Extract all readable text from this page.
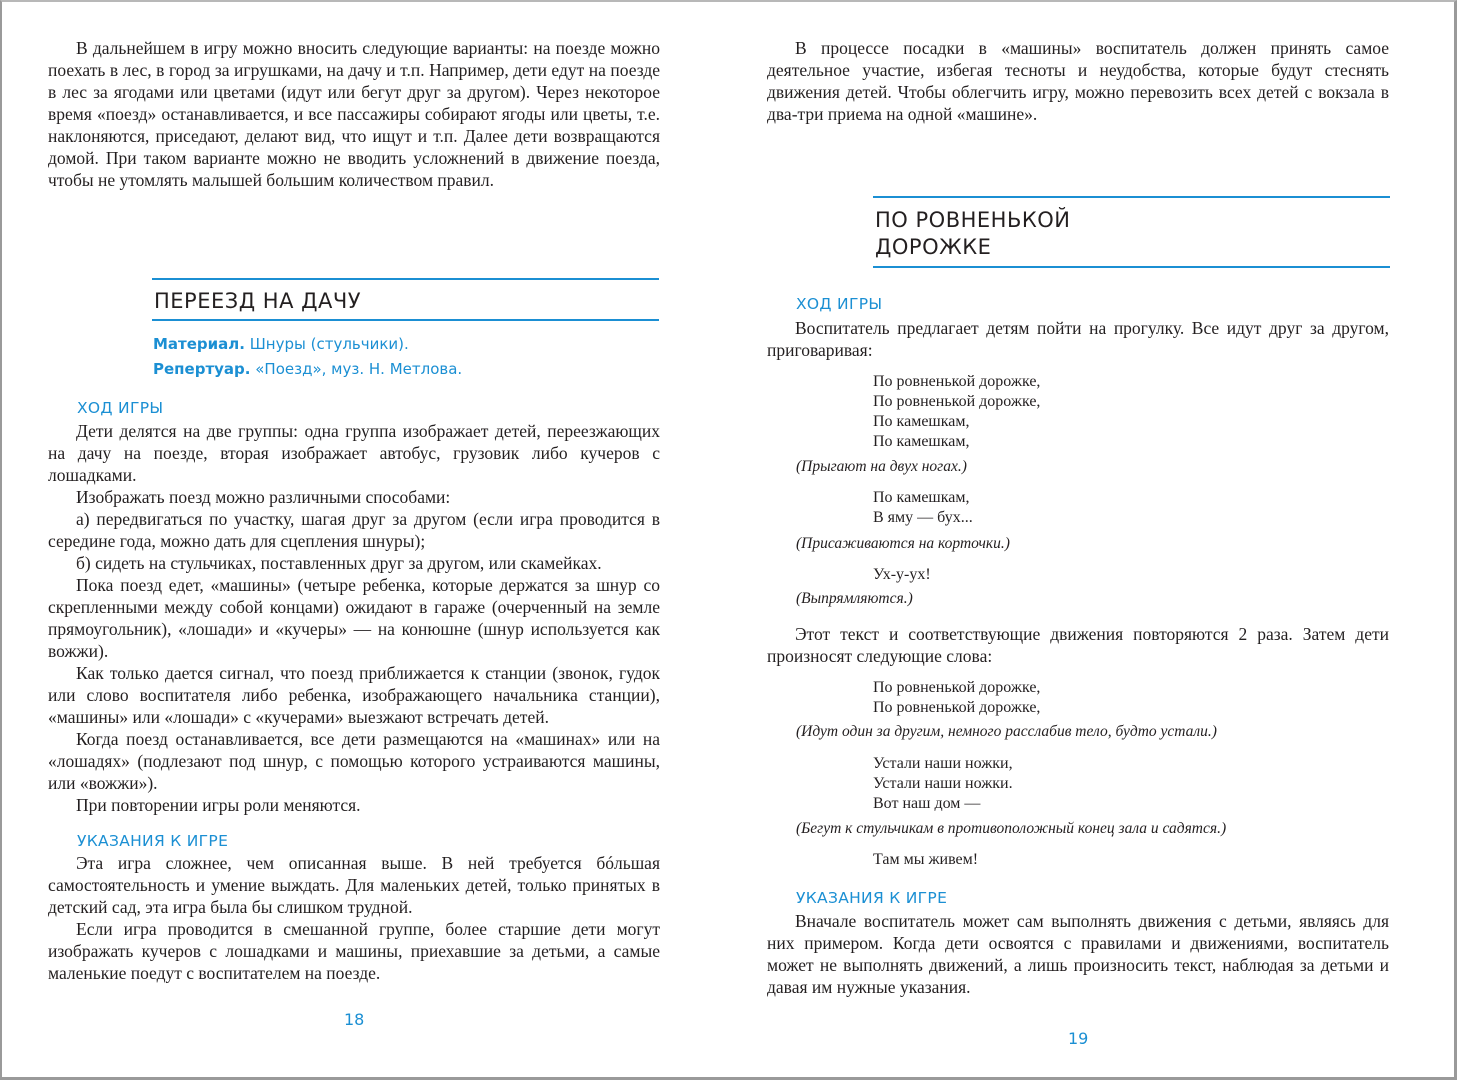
В дальнейшем в игру можно вносить следующие варианты: на поезде можно поехать в лес, в город за игрушками, на дачу и т.п. Например, дети едут на поезде в лес за ягодами или цветами (идут или бегут друг за другом). Через некоторое время «поезд» останавливается, и все пассажиры собирают ягоды или цветы, т.е. наклоняются, приседают, делают вид, что ищут и т.п. Далее дети возвращаются домой. При таком варианте можно не вводить усложнений в движение поезда, чтобы не утомлять малышей большим количеством правил.

ПЕРЕЕЗД НА ДАЧУ
Материал. Шнуры (стульчики).
Репертуар. «Поезд», муз. Н. Метлова.
ХОД ИГРЫ

Дети делятся на две группы: одна группа изображает детей, переезжающих на дачу на поезде, вторая изображает автобус, грузовик либо кучеров с лошадками.

Изображать поезд можно различными способами:

а) передвигаться по участку, шагая друг за другом (если игра проводится в середине года, можно дать для сцепления шнуры);

б) сидеть на стульчиках, поставленных друг за другом, или скамейках.

Пока поезд едет, «машины» (четыре ребенка, которые держатся за шнур со скрепленными между собой концами) ожидают в гараже (очерченный на земле прямоугольник), «лошади» и «кучеры» — на конюшне (шнур используется как вожжи).

Как только дается сигнал, что поезд приближается к станции (звонок, гудок или слово воспитателя либо ребенка, изображающего начальника станции), «машины» или «лошади» с «кучерами» выезжают встречать детей.

Когда поезд останавливается, все дети размещаются на «машинах» или на «лошадях» (подлезают под шнур, с помощью которого устраиваются машины, или «вожжи»).

При повторении игры роли меняются.

УКАЗАНИЯ К ИГРЕ

Эта игра сложнее, чем описанная выше. В ней требуется бóльшая самостоятельность и умение выждать. Для маленьких детей, только принятых в детский сад, эта игра была бы слишком трудной.

Если игра проводится в смешанной группе, более старшие дети могут изображать кучеров с лошадками и машины, приехавшие за детьми, а самые маленькие поедут с воспитателем на поезде.

18

В процессе посадки в «машины» воспитатель должен принять самое деятельное участие, избегая тесноты и неудобства, которые будут стеснять движения детей. Чтобы облегчить игру, можно перевозить всех детей с вокзала в два-три приема на одной «машине».

ПО РОВНЕНЬКОЙ
ДОРОЖКЕ
ХОД ИГРЫ

Воспитатель предлагает детям пойти на прогулку. Все идут друг за другом, приговаривая:

По ровненькой дорожке,
По ровненькой дорожке,
По камешкам,
По камешкам,
(Прыгают на двух ногах.)
По камешкам,
В яму — бух...
(Присаживаются на корточки.)
Ух-у-ух!
(Выпрямляются.)

Этот текст и соответствующие движения повторяются 2 раза. Затем дети произносят следующие слова:

По ровненькой дорожке,
По ровненькой дорожке,
(Идут один за другим, немного расслабив тело, будто устали.)
Устали наши ножки,
Устали наши ножки.
Вот наш дом —
(Бегут к стульчикам в противоположный конец зала и садятся.)
Там мы живем!
УКАЗАНИЯ К ИГРЕ

Вначале воспитатель может сам выполнять движения с детьми, являясь для них примером. Когда дети освоятся с правилами и движениями, воспитатель может не выполнять движений, а лишь произносить текст, наблюдая за детьми и давая им нужные указания.

19
